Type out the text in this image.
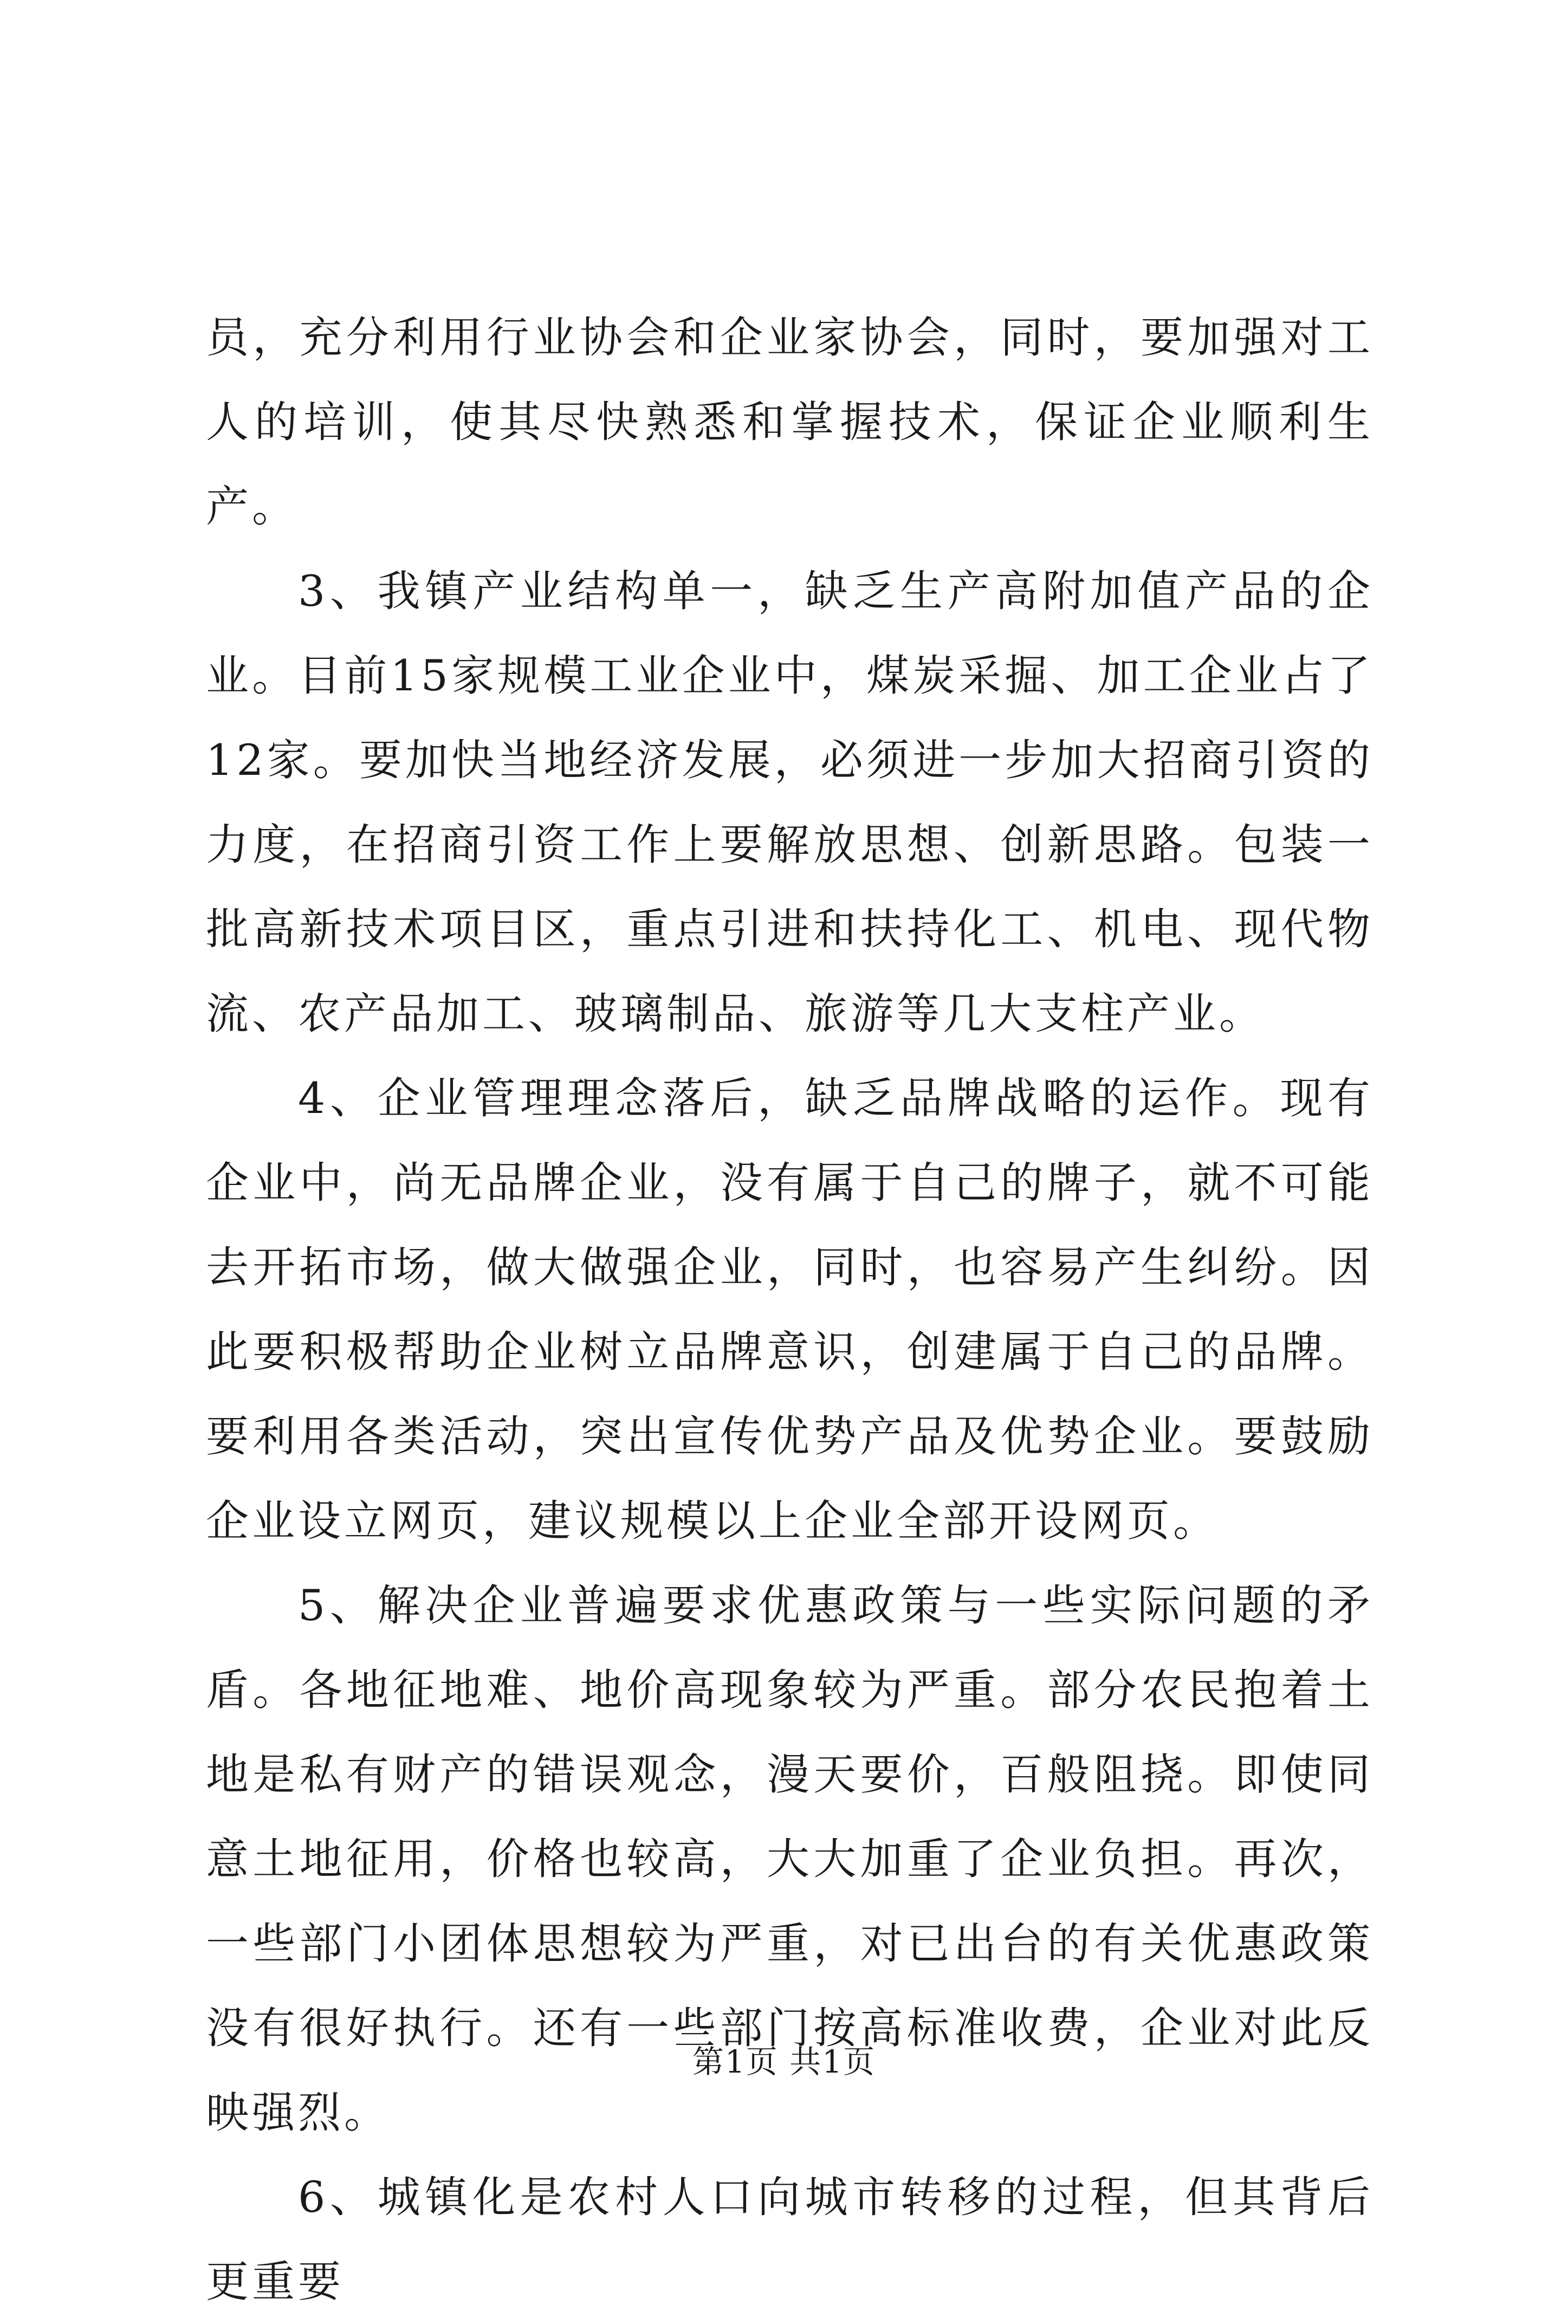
员，充分利用行业协会和企业家协会，同时，要加强对工人的培训，使其尽快熟悉和掌握技术，保证企业顺利生产。

3、我镇产业结构单一，缺乏生产高附加值产品的企业。目前15家规模工业企业中，煤炭采掘、加工企业占了12家。要加快当地经济发展，必须进一步加大招商引资的力度，在招商引资工作上要解放思想、创新思路。包装一批高新技术项目区，重点引进和扶持化工、机电、现代物流、农产品加工、玻璃制品、旅游等几大支柱产业。

4、企业管理理念落后，缺乏品牌战略的运作。现有企业中，尚无品牌企业，没有属于自己的牌子，就不可能去开拓市场，做大做强企业，同时，也容易产生纠纷。因此要积极帮助企业树立品牌意识，创建属于自己的品牌。要利用各类活动，突出宣传优势产品及优势企业。要鼓励企业设立网页，建议规模以上企业全部开设网页。

5、解决企业普遍要求优惠政策与一些实际问题的矛盾。各地征地难、地价高现象较为严重。部分农民抱着土地是私有财产的错误观念，漫天要价，百般阻挠。即使同意土地征用，价格也较高，大大加重了企业负担。再次，一些部门小团体思想较为严重，对已出台的有关优惠政策没有很好执行。还有一些部门按高标准收费，企业对此反映强烈。

6、城镇化是农村人口向城市转移的过程，但其背后更重要

第1页 共1页
